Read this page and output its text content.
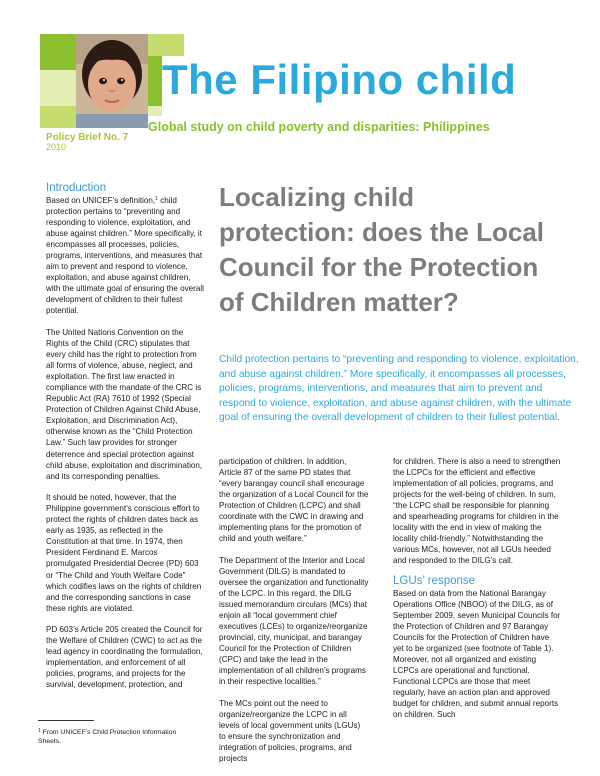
The Filipino child
Global study on child poverty and disparities: Philippines
Policy Brief No. 7
2010
Localizing child protection: does the Local Council for the Protection of Children matter?
Child protection pertains to “preventing and responding to violence, exploitation, and abuse against children.” More specifically, it encompasses all processes, policies, programs, interventions, and measures that aim to prevent and respond to violence, exploitation, and abuse against children, with the ultimate goal of ensuring the overall development of children to their fullest potential.
Introduction

Based on UNICEF’s definition,$^1$ child protection pertains to “preventing and responding to violence, exploitation, and abuse against children.” More specifically, it encompasses all processes, policies, programs, interventions, and measures that aim to prevent and respond to violence, exploitation, and abuse against children, with the ultimate goal of ensuring the overall development of children to their fullest potential.

The United Nations Convention on the Rights of the Child (CRC) stipulates that every child has the right to protection from all forms of violence, abuse, neglect, and exploitation. The first law enacted in compliance with the mandate of the CRC is Republic Act (RA) 7610 of 1992 (Special Protection of Children Against Child Abuse, Exploitation, and Discrimination Act), otherwise known as the “Child Protection Law.” Such law provides for stronger deterrence and special protection against child abuse, exploitation and discrimination, and its corresponding penalties.

It should be noted, however, that the Philippine government’s conscious effort to protect the rights of children dates back as early as 1935, as reflected in the Constitution at that time. In 1974, then President Ferdinand E. Marcos promulgated Presidential Decree (PD) 603 or “The Child and Youth Welfare Code” which codifies laws on the rights of children and the corresponding sanctions in case these rights are violated.

PD 603’s Article 205 created the Council for the Welfare of Children (CWC) to act as the lead agency in coordinating the formulation, implementation, and enforcement of all policies, programs, and projects for the survival, development, protection, and

$^1$ From UNICEF’s Child Protection Information Sheets.

participation of children. In addition, Article 87 of the same PD states that “every barangay council shall encourage the organization of a Local Council for the Protection of Children (LCPC) and shall coordinate with the CWC in drawing and implementing plans for the promotion of child and youth welfare.”

The Department of the Interior and Local Government (DILG) is mandated to oversee the organization and functionality of the LCPC. In this regard, the DILG issued memorandum circulars (MCs) that enjoin all “local government chief executives (LCEs) to organize/reorganize provincial, city, municipal, and barangay Council for the Protection of Children (CPC) and take the lead in the implementation of all children’s programs in their respective localities.”

The MCs point out the need to organize/reorganize the LCPC in all levels of local government units (LGUs) to ensure the synchronization and integration of policies, programs, and projects

for children. There is also a need to strengthen the LCPCs for the efficient and effective implementation of all policies, programs, and projects for the well-being of children. In sum, “the LCPC shall be responsible for planning and spearheading programs for children in the locality with the end in view of making the locality child-friendly.” Notwithstanding the various MCs, however, not all LGUs heeded and responded to the DILG’s call.

LGUs’ response

Based on data from the National Barangay Operations Office (NBOO) of the DILG, as of September 2009, seven Municipal Councils for the Protection of Children and 97 Barangay Councils for the Protection of Children have yet to be organized (see footnote of Table 1). Moreover, not all organized and existing LCPCs are operational and functional. Functional LCPCs are those that meet regularly, have an action plan and approved budget for children, and submit annual reports on children. Such
